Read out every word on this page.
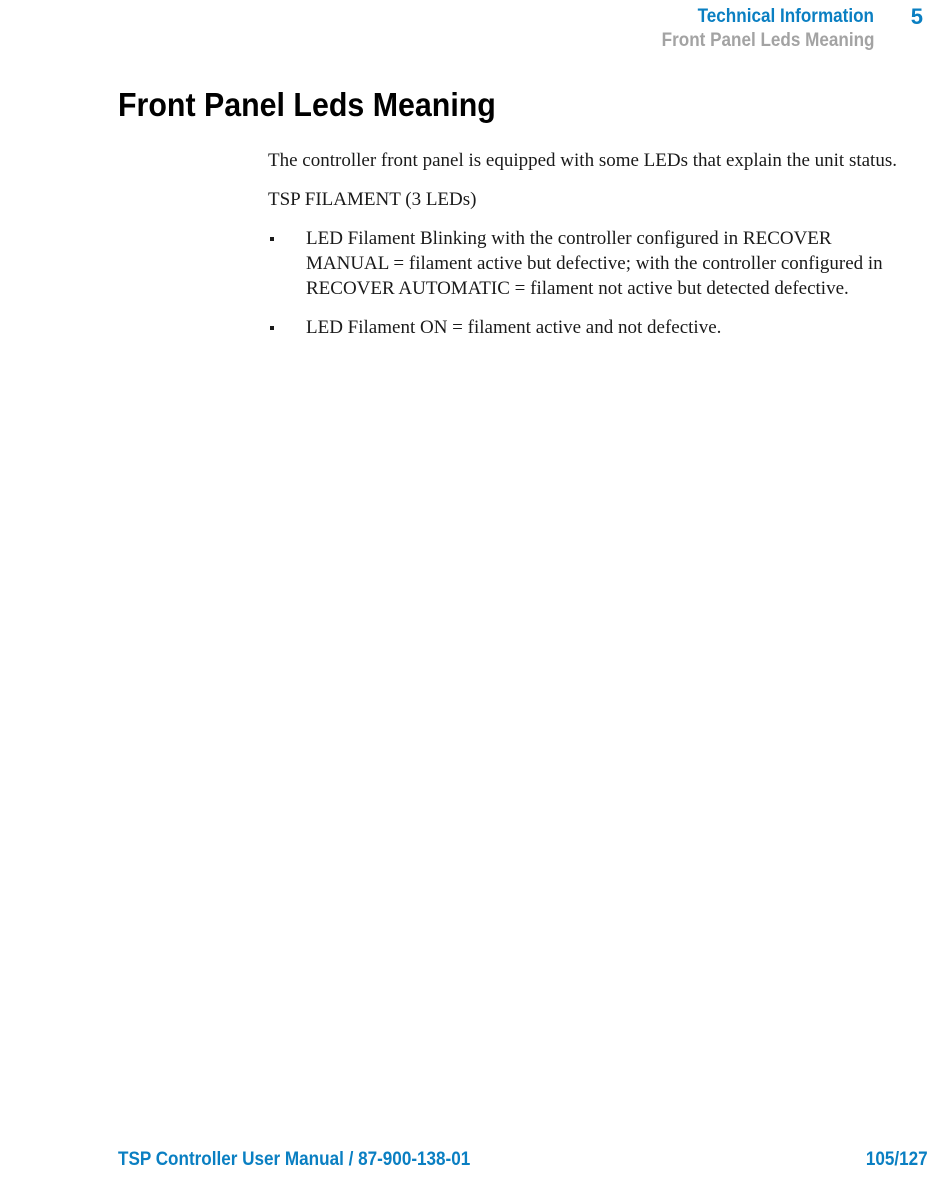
Technical Information 5
Front Panel Leds Meaning
Front Panel Leds Meaning

The controller front panel is equipped with some LEDs that explain the unit status.

TSP FILAMENT (3 LEDs)

LED Filament Blinking with the controller configured in RECOVER MANUAL = filament active but defective; with the controller configured in RECOVER AUTOMATIC = filament not active but detected defective.
LED Filament ON = filament active and not defective.
TSP Controller User Manual / 87-900-138-01	105/127
